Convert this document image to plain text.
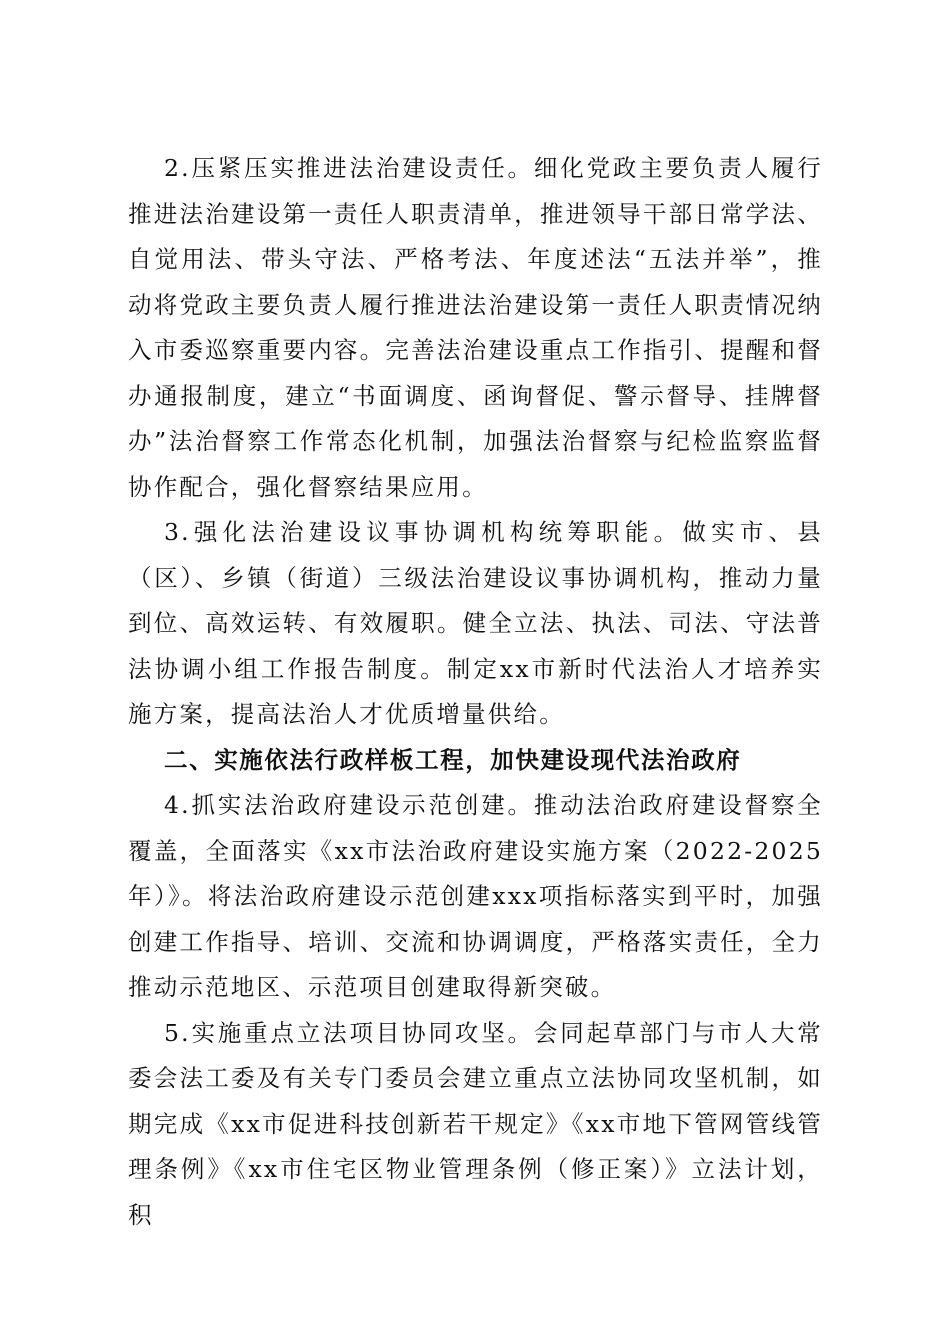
2.压紧压实推进法治建设责任。细化党政主要负责人履行推进法治建设第一责任人职责清单，推进领导干部日常学法、自觉用法、带头守法、严格考法、年度述法“五法并举”，推动将党政主要负责人履行推进法治建设第一责任人职责情况纳入市委巡察重要内容。完善法治建设重点工作指引、提醒和督办通报制度，建立“书面调度、函询督促、警示督导、挂牌督办”法治督察工作常态化机制，加强法治督察与纪检监察监督协作配合，强化督察结果应用。

3.强化法治建设议事协调机构统筹职能。做实市、县（区）、乡镇（街道）三级法治建设议事协调机构，推动力量到位、高效运转、有效履职。健全立法、执法、司法、守法普法协调小组工作报告制度。制定xx市新时代法治人才培养实施方案，提高法治人才优质增量供给。

二、实施依法行政样板工程，加快建设现代法治政府

4.抓实法治政府建设示范创建。推动法治政府建设督察全覆盖，全面落实《xx市法治政府建设实施方案（2022-2025年）》。将法治政府建设示范创建xxx项指标落实到平时，加强创建工作指导、培训、交流和协调调度，严格落实责任，全力推动示范地区、示范项目创建取得新突破。

5.实施重点立法项目协同攻坚。会同起草部门与市人大常委会法工委及有关专门委员会建立重点立法协同攻坚机制，如期完成《xx市促进科技创新若干规定》《xx市地下管网管线管理条例》《xx市住宅区物业管理条例（修正案）》立法计划，积
